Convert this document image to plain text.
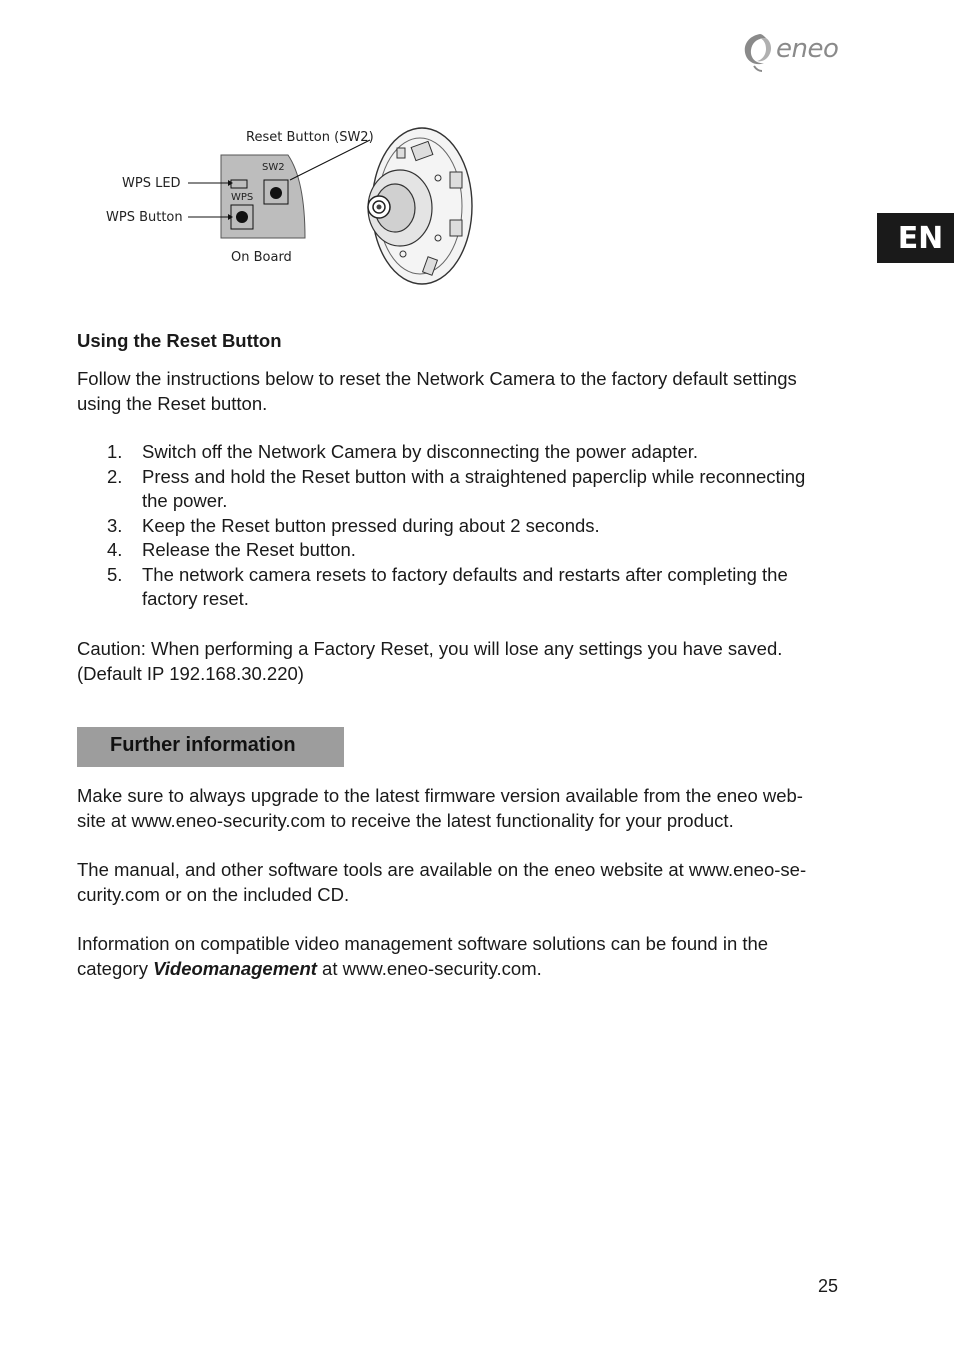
eneo
EN
Reset Button (SW2)
WPS LED
WPS Button
SW2
WPS
On Board
Using the Reset Button
Follow the instructions below to reset the Network Camera to the factory default settings
using the Reset button.
1. Switch off the Network Camera by disconnecting the power adapter.
2. Press and hold the Reset button with a straightened paperclip while reconnecting
the power.
3. Keep the Reset button pressed during about 2 seconds.
4. Release the Reset button.
5. The network camera resets to factory defaults and restarts after completing the
factory reset.
Caution: When performing a Factory Reset, you will lose any settings you have saved.
(Default IP 192.168.30.220)
Further information
Make sure to always upgrade to the latest firmware version available from the eneo web-
site at www.eneo-security.com to receive the latest functionality for your product.
The manual, and other software tools are available on the eneo website at www.eneo-se-
curity.com or on the included CD.
Information on compatible video management software solutions can be found in the
category Videomanagement at www.eneo-security.com.
25
